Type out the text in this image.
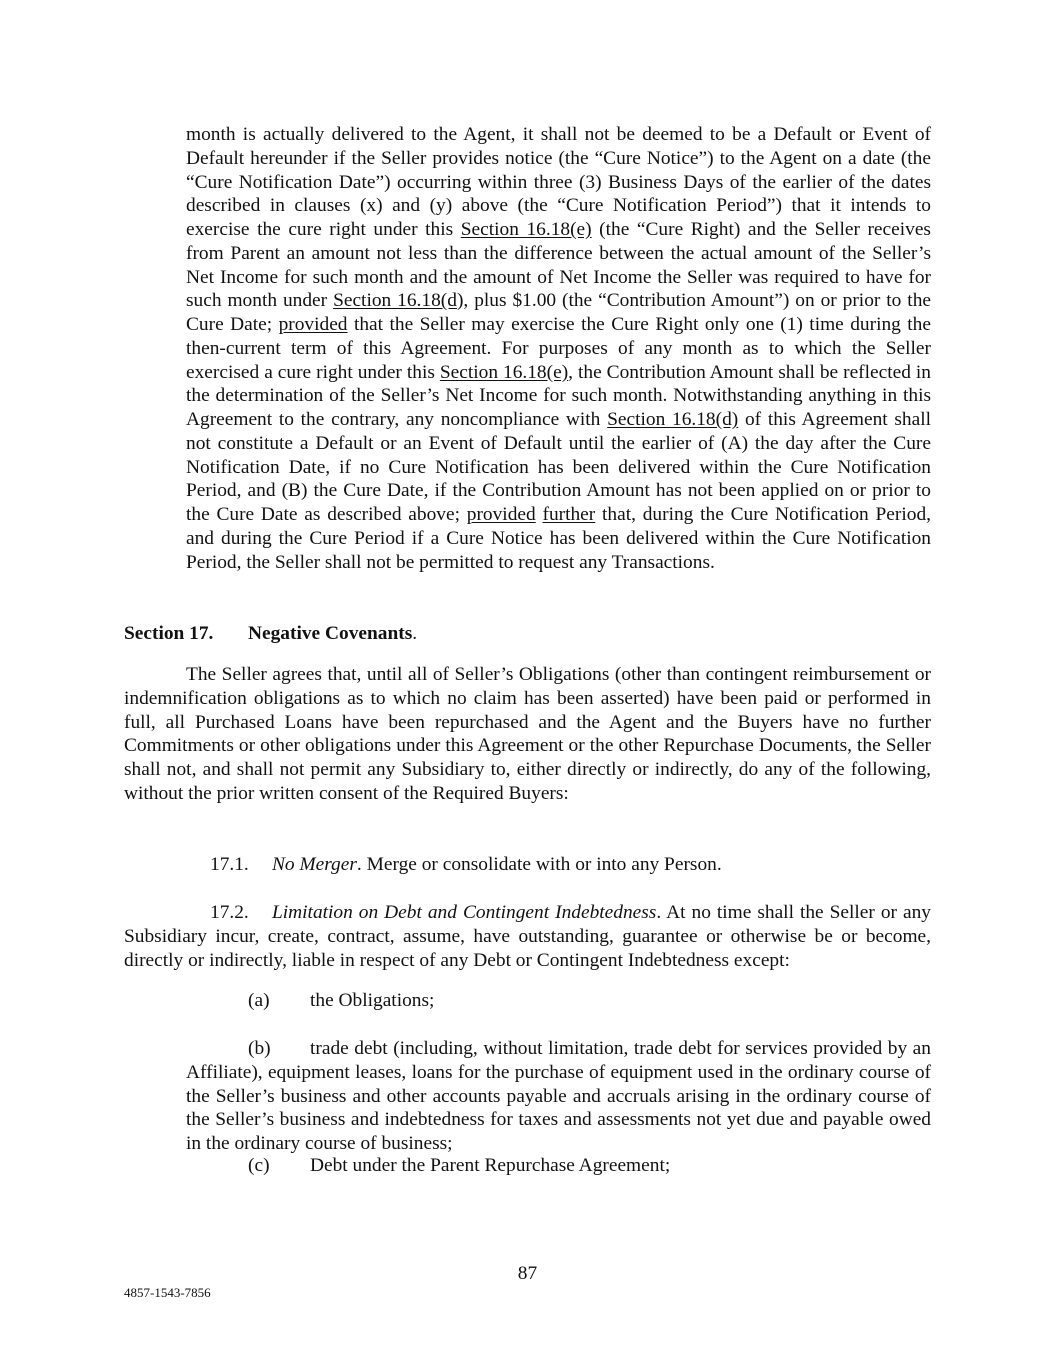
month is actually delivered to the Agent, it shall not be deemed to be a Default or Event of Default hereunder if the Seller provides notice (the “Cure Notice”) to the Agent on a date (the “Cure Notification Date”) occurring within three (3) Business Days of the earlier of the dates described in clauses (x) and (y) above (the “Cure Notification Period”) that it intends to exercise the cure right under this Section 16.18(e) (the “Cure Right) and the Seller receives from Parent an amount not less than the difference between the actual amount of the Seller’s Net Income for such month and the amount of Net Income the Seller was required to have for such month under Section 16.18(d), plus $1.00 (the “Contribution Amount”) on or prior to the Cure Date; provided that the Seller may exercise the Cure Right only one (1) time during the then-current term of this Agreement. For purposes of any month as to which the Seller exercised a cure right under this Section 16.18(e), the Contribution Amount shall be reflected in the determination of the Seller’s Net Income for such month. Notwithstanding anything in this Agreement to the contrary, any noncompliance with Section 16.18(d) of this Agreement shall not constitute a Default or an Event of Default until the earlier of (A) the day after the Cure Notification Date, if no Cure Notification has been delivered within the Cure Notification Period, and (B) the Cure Date, if the Contribution Amount has not been applied on or prior to the Cure Date as described above; provided further that, during the Cure Notification Period, and during the Cure Period if a Cure Notice has been delivered within the Cure Notification Period, the Seller shall not be permitted to request any Transactions.
Section 17. Negative Covenants.
The Seller agrees that, until all of Seller’s Obligations (other than contingent reimbursement or indemnification obligations as to which no claim has been asserted) have been paid or performed in full, all Purchased Loans have been repurchased and the Agent and the Buyers have no further Commitments or other obligations under this Agreement or the other Repurchase Documents, the Seller shall not, and shall not permit any Subsidiary to, either directly or indirectly, do any of the following, without the prior written consent of the Required Buyers:
17.1. No Merger. Merge or consolidate with or into any Person.
17.2. Limitation on Debt and Contingent Indebtedness. At no time shall the Seller or any Subsidiary incur, create, contract, assume, have outstanding, guarantee or otherwise be or become, directly or indirectly, liable in respect of any Debt or Contingent Indebtedness except:
(a) the Obligations;
(b) trade debt (including, without limitation, trade debt for services provided by an Affiliate), equipment leases, loans for the purchase of equipment used in the ordinary course of the Seller’s business and other accounts payable and accruals arising in the ordinary course of the Seller’s business and indebtedness for taxes and assessments not yet due and payable owed in the ordinary course of business;
(c) Debt under the Parent Repurchase Agreement;
87
4857-1543-7856
